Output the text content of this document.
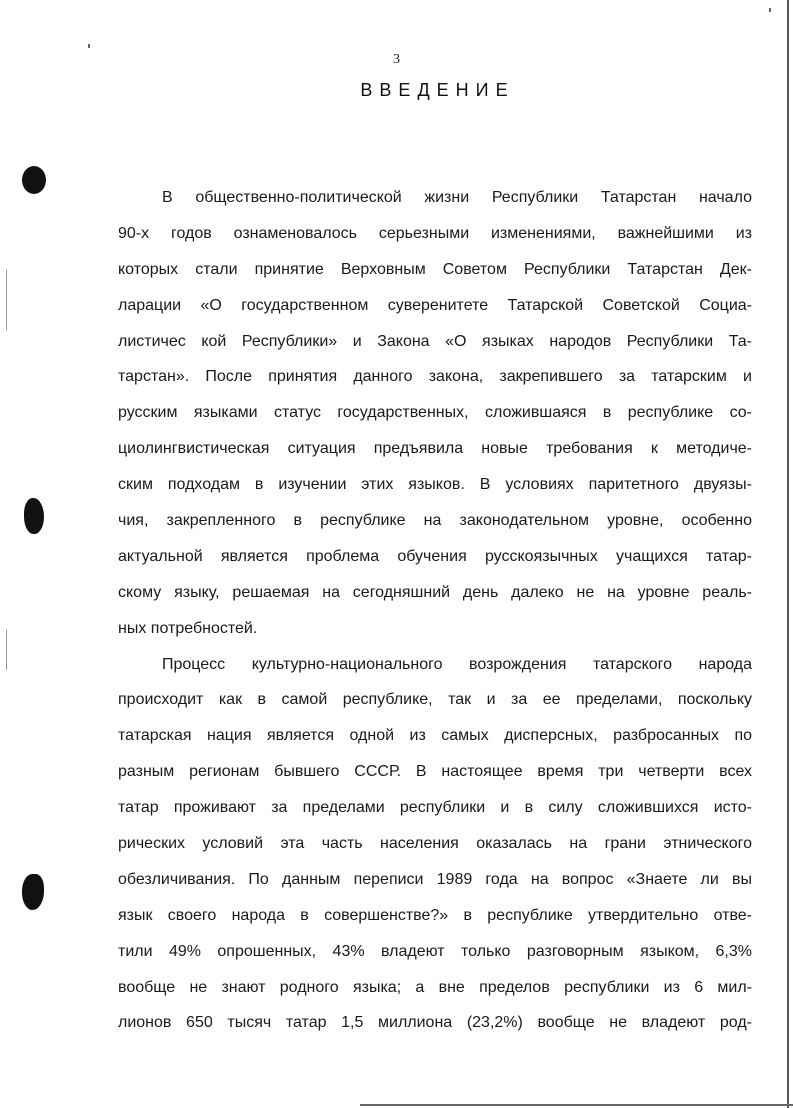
3
ВВЕДЕНИЕ
В общественно-политической жизни Республики Татарстан начало
90-х годов ознаменовалось серьезными изменениями, важнейшими из
которых стали принятие Верховным Советом Республики Татарстан Дек-
ларации «О государственном суверенитете Татарской Советской Социа-
листичес кой Республики» и Закона «О языках народов Республики Та-
тарстан». После принятия данного закона, закрепившего за татарским и
русским языками статус государственных, сложившаяся в республике со-
циолингвистическая ситуация предъявила новые требования к методиче-
ским подходам в изучении этих языков. В условиях паритетного двуязы-
чия, закрепленного в республике на законодательном уровне, особенно
актуальной является проблема обучения русскоязычных учащихся татар-
скому языку, решаемая на сегодняшний день далеко не на уровне реаль-
ных потребностей.
Процесс культурно-национального возрождения татарского народа
происходит как в самой республике, так и за ее пределами, поскольку
татарская нация является одной из самых дисперсных, разбросанных по
разным регионам бывшего СССР. В настоящее время три четверти всех
татар проживают за пределами республики и в силу сложившихся исто-
рических условий эта часть населения оказалась на грани этнического
обезличивания. По данным переписи 1989 года на вопрос «Знаете ли вы
язык своего народа в совершенстве?» в республике утвердительно отве-
тили 49% опрошенных, 43% владеют только разговорным языком, 6,3%
вообще не знают родного языка; а вне пределов республики из 6 мил-
лионов 650 тысяч татар 1,5 миллиона (23,2%) вообще не владеют род-
